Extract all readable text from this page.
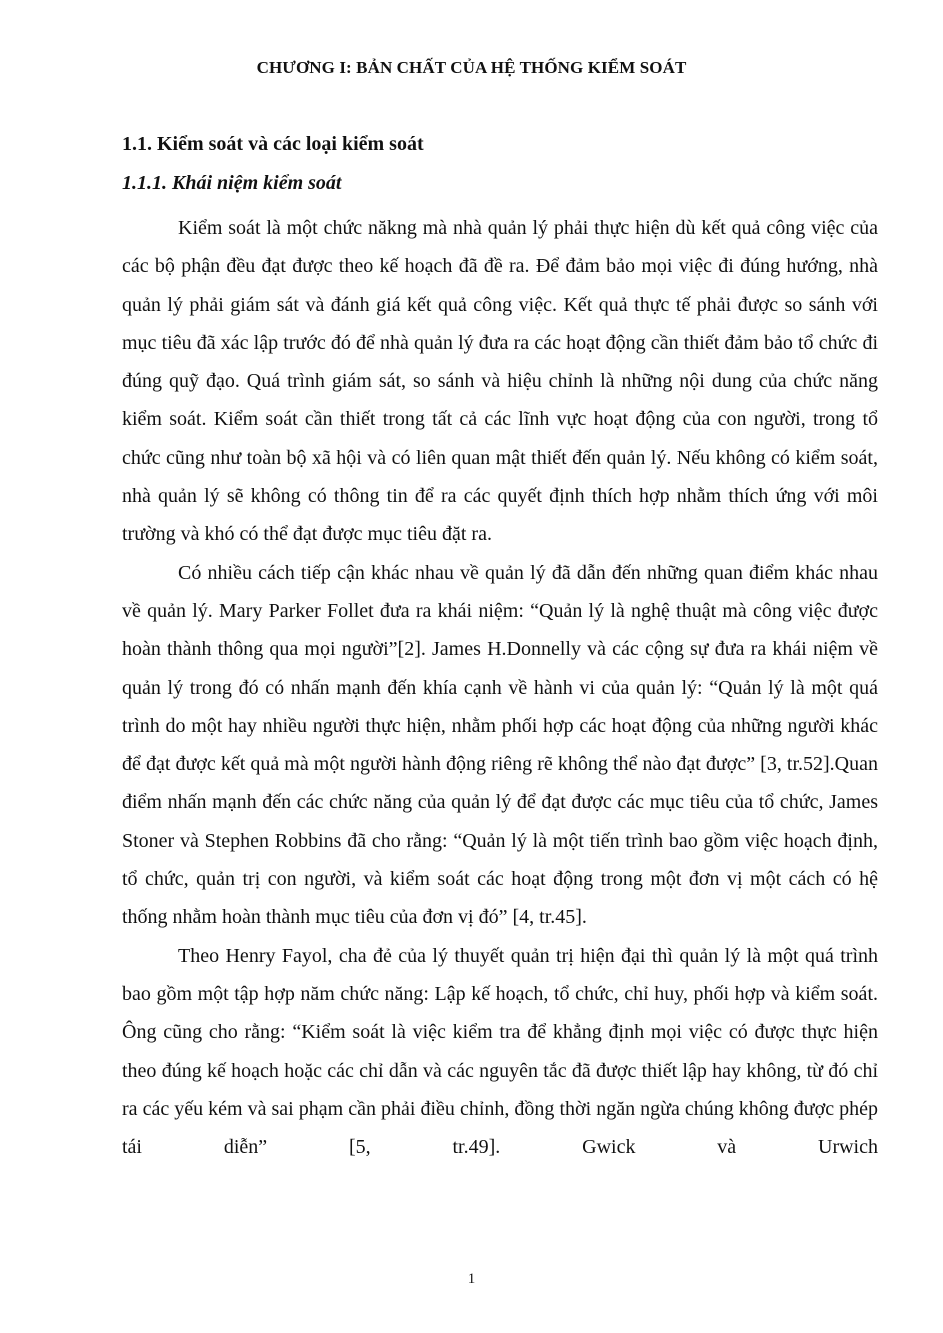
CHƯƠNG I: BẢN CHẤT CỦA HỆ THỐNG KIỂM SOÁT
1.1. Kiểm soát và các loại kiểm soát
1.1.1. Khái niệm kiểm soát

Kiểm soát là một chức năkng mà nhà quản lý phải thực hiện dù kết quả công việc của các bộ phận đều đạt được theo kế hoạch đã đề ra. Để đảm bảo mọi việc đi đúng hướng, nhà quản lý phải giám sát và đánh giá kết quả công việc. Kết quả thực tế phải được so sánh với mục tiêu đã xác lập trước đó để nhà quản lý đưa ra các hoạt động cần thiết đảm bảo tổ chức đi đúng quỹ đạo. Quá trình giám sát, so sánh và hiệu chỉnh là những nội dung của chức năng kiểm soát. Kiểm soát cần thiết trong tất cả các lĩnh vực hoạt động của con người, trong tổ chức cũng như toàn bộ xã hội và có liên quan mật thiết đến quản lý. Nếu không có kiểm soát, nhà quản lý sẽ không có thông tin để ra các quyết định thích hợp nhằm thích ứng với môi trường và khó có thể đạt được mục tiêu đặt ra.

Có nhiều cách tiếp cận khác nhau về quản lý đã dẫn đến những quan điểm khác nhau về quản lý. Mary Parker Follet đưa ra khái niệm: “Quản lý là nghệ thuật mà công việc được hoàn thành thông qua mọi người”[2]. James H.Donnelly và các cộng sự đưa ra khái niệm về quản lý trong đó có nhấn mạnh đến khía cạnh về hành vi của quản lý: “Quản lý là một quá trình do một hay nhiều người thực hiện, nhằm phối hợp các hoạt động của những người khác để đạt được kết quả mà một người hành động riêng rẽ không thể nào đạt được” [3, tr.52].Quan điểm nhấn mạnh đến các chức năng của quản lý để đạt được các mục tiêu của tổ chức, James Stoner và Stephen Robbins đã cho rằng: “Quản lý là một tiến trình bao gồm việc hoạch định, tổ chức, quản trị con người, và kiểm soát các hoạt động trong một đơn vị một cách có hệ thống nhằm hoàn thành mục tiêu của đơn vị đó” [4, tr.45].

Theo Henry Fayol, cha đẻ của lý thuyết quản trị hiện đại thì quản lý là một quá trình bao gồm một tập hợp năm chức năng: Lập kế hoạch, tổ chức, chỉ huy, phối hợp và kiểm soát. Ông cũng cho rằng: “Kiểm soát là việc kiểm tra để khẳng định mọi việc có được thực hiện theo đúng kế hoạch hoặc các chỉ dẫn và các nguyên tắc đã được thiết lập hay không, từ đó chỉ ra các yếu kém và sai phạm cần phải điều chỉnh, đồng thời ngăn ngừa chúng không được phép tái diễn” [5, tr.49]. Gwick và Urwich

1
